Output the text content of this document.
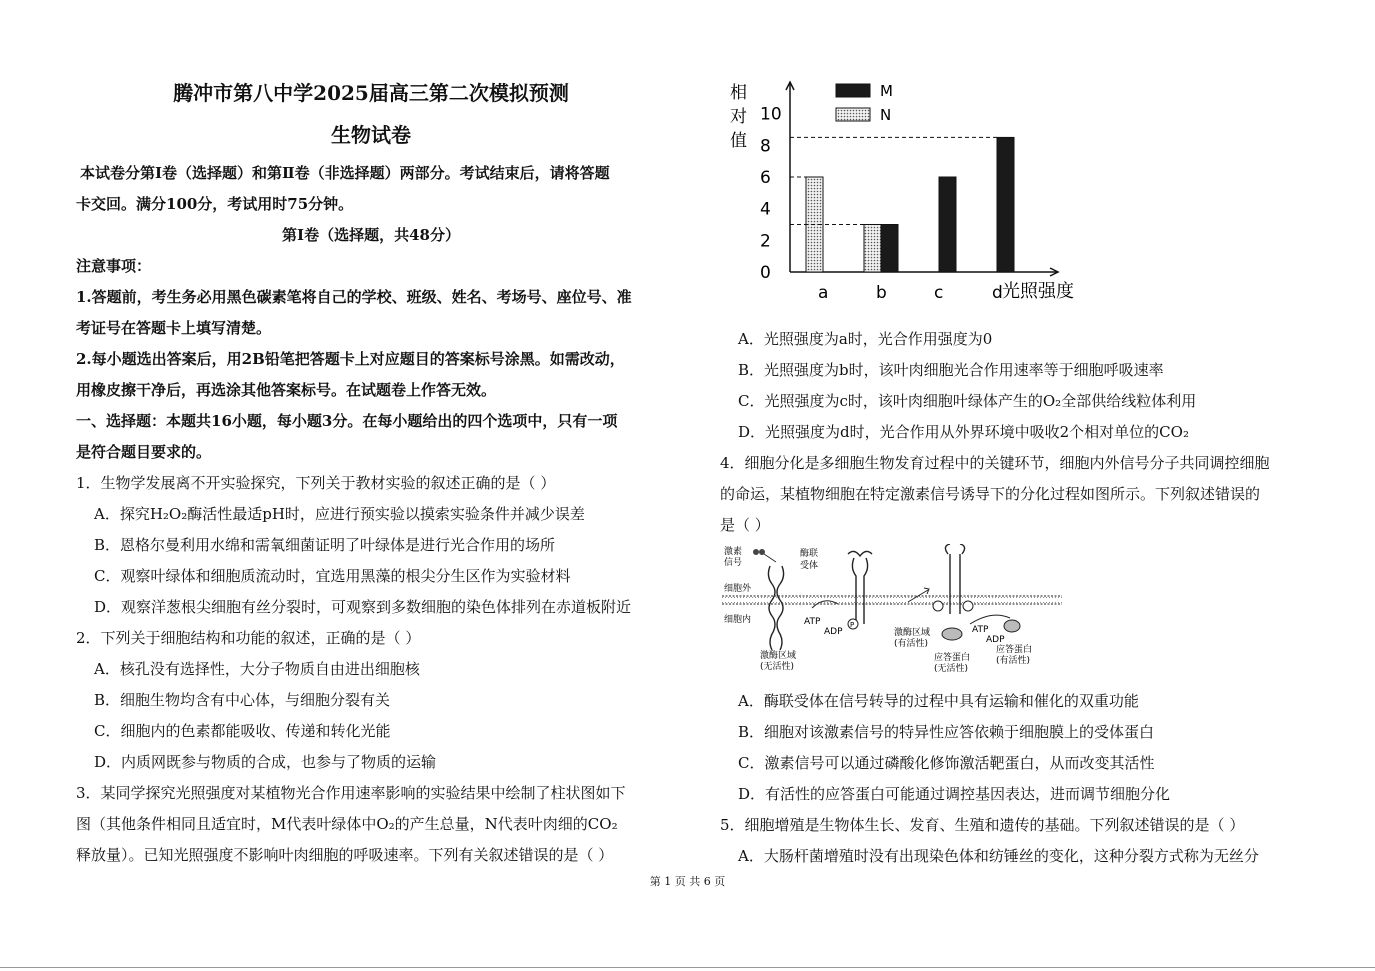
腾冲市第八中学2025届高三第二次模拟预测
生物试卷

本试卷分第Ⅰ卷（选择题）和第Ⅱ卷（非选择题）两部分。考试结束后，请将答题

卡交回。满分100分，考试用时75分钟。

第Ⅰ卷（选择题，共48分）

注意事项：

1.答题前，考生务必用黑色碳素笔将自己的学校、班级、姓名、考场号、座位号、准

考证号在答题卡上填写清楚。

2.每小题选出答案后，用2B铅笔把答题卡上对应题目的答案标号涂黑。如需改动，

用橡皮擦干净后，再选涂其他答案标号。在试题卷上作答无效。

一、选择题：本题共16小题，每小题3分。在每小题给出的四个选项中，只有一项

是符合题目要求的。

1．生物学发展离不开实验探究，下列关于教材实验的叙述正确的是（ ）

A．探究H₂O₂酶活性最适pH时，应进行预实验以摸索实验条件并减少误差

B．恩格尔曼利用水绵和需氧细菌证明了叶绿体是进行光合作用的场所

C．观察叶绿体和细胞质流动时，宜选用黑藻的根尖分生区作为实验材料

D．观察洋葱根尖细胞有丝分裂时，可观察到多数细胞的染色体排列在赤道板附近

2．下列关于细胞结构和功能的叙述，正确的是（ ）

A．核孔没有选择性，大分子物质自由进出细胞核

B．细胞生物均含有中心体，与细胞分裂有关

C．细胞内的色素都能吸收、传递和转化光能

D．内质网既参与物质的合成，也参与了物质的运输

3．某同学探究光照强度对某植物光合作用速率影响的实验结果中绘制了柱状图如下

图（其他条件相同且适宜时，M代表叶绿体中O₂的产生总量，N代表叶肉细的CO₂

释放量）。已知光照强度不影响叶肉细胞的呼吸速率。下列有关叙述错误的是（ ）

相
对
值
光照强度
0
2
4
6
8
10
a	b	c	d
M
N

A．光照强度为a时，光合作用强度为0

B．光照强度为b时，该叶肉细胞光合作用速率等于细胞呼吸速率

C．光照强度为c时，该叶肉细胞叶绿体产生的O₂全部供给线粒体利用

D．光照强度为d时，光合作用从外界环境中吸收2个相对单位的CO₂

4．细胞分化是多细胞生物发育过程中的关键环节，细胞内外信号分子共同调控细胞

的命运，某植物细胞在特定激素信号诱导下的分化过程如图所示。下列叙述错误的

是（ ）

激素
信号
细胞外
细胞内
酶联
受体
激酶区域
(无活性)
ATP
ADP
P
激酶区域
(有活性)
ATP
ADP
应答蛋白
(无活性)
应答蛋白
(有活性)

A．酶联受体在信号转导的过程中具有运输和催化的双重功能

B．细胞对该激素信号的特异性应答依赖于细胞膜上的受体蛋白

C．激素信号可以通过磷酸化修饰激活靶蛋白，从而改变其活性

D．有活性的应答蛋白可能通过调控基因表达，进而调节细胞分化

5．细胞增殖是生物体生长、发育、生殖和遗传的基础。下列叙述错误的是（ ）

A．大肠杆菌增殖时没有出现染色体和纺锤丝的变化，这种分裂方式称为无丝分

第 1 页 共 6 页
